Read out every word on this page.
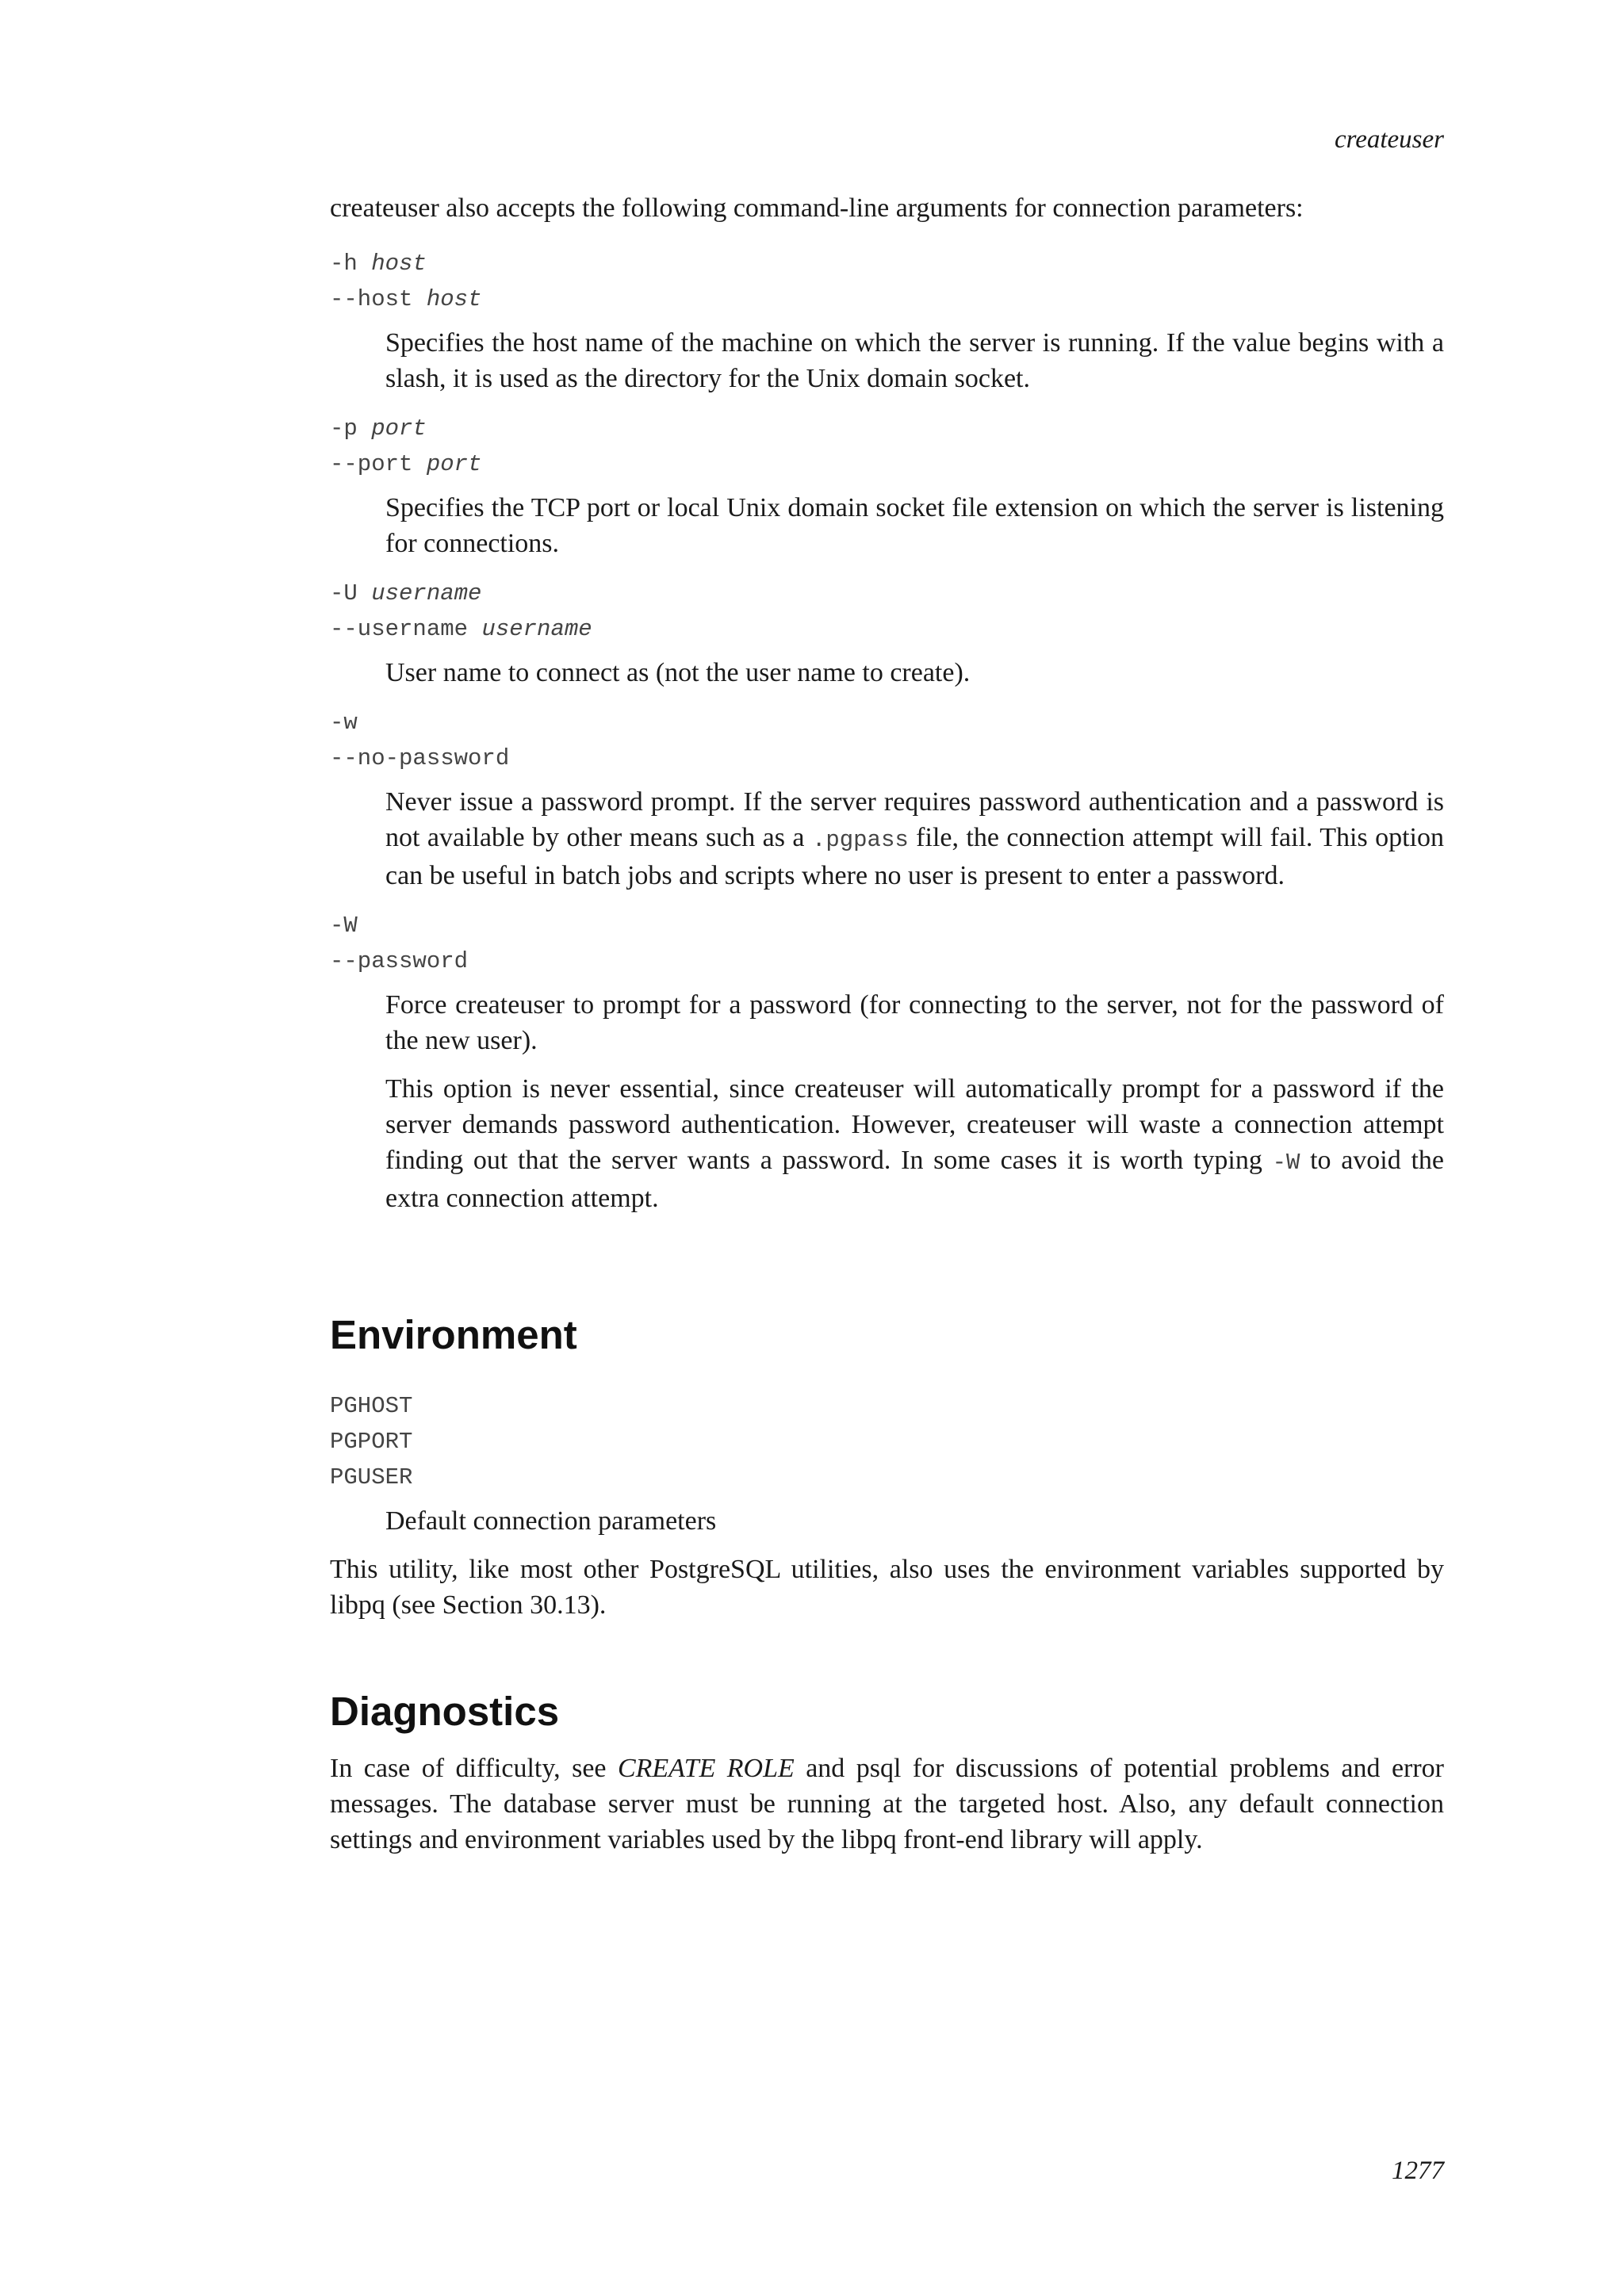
createuser

createuser also accepts the following command-line arguments for connection parameters:

-h host

--host host

Specifies the host name of the machine on which the server is running. If the value begins with a slash, it is used as the directory for the Unix domain socket.

-p port

--port port

Specifies the TCP port or local Unix domain socket file extension on which the server is listening for connections.

-U username

--username username

User name to connect as (not the user name to create).

-w

--no-password

Never issue a password prompt. If the server requires password authentication and a password is not available by other means such as a .pgpass file, the connection attempt will fail. This option can be useful in batch jobs and scripts where no user is present to enter a password.

-W

--password

Force createuser to prompt for a password (for connecting to the server, not for the password of the new user).

This option is never essential, since createuser will automatically prompt for a password if the server demands password authentication. However, createuser will waste a connection attempt finding out that the server wants a password. In some cases it is worth typing -W to avoid the extra connection attempt.

Environment

PGHOST

PGPORT

PGUSER

Default connection parameters

This utility, like most other PostgreSQL utilities, also uses the environment variables supported by libpq (see Section 30.13).

Diagnostics

In case of difficulty, see CREATE ROLE and psql for discussions of potential problems and error messages. The database server must be running at the targeted host. Also, any default connection settings and environment variables used by the libpq front-end library will apply.

1277
